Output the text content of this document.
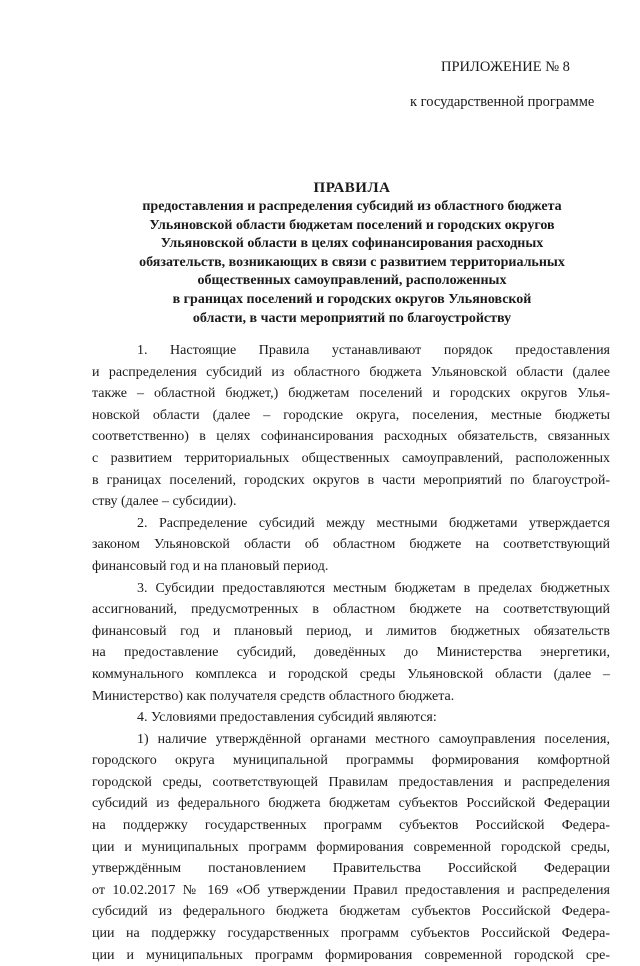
ПРИЛОЖЕНИЕ № 8
к государственной программе
ПРАВИЛА
предоставления и распределения субсидий из областного бюджета
Ульяновской области бюджетам поселений и городских округов
Ульяновской области в целях софинансирования расходных
обязательств, возникающих в связи с развитием территориальных
общественных самоуправлений, расположенных
в границах поселений и городских округов Ульяновской
области, в части мероприятий по благоустройству

1. Настоящие Правила устанавливают порядок предоставления

и распределения субсидий из областного бюджета Ульяновской области (далее

также – областной бюджет,) бюджетам поселений и городских округов Улья-

новской области (далее – городские округа, поселения, местные бюджеты

соответственно) в целях софинансирования расходных обязательств, связанных

с развитием территориальных общественных самоуправлений, расположенных

в границах поселений, городских округов в части мероприятий по благоустрой-

ству (далее – субсидии).

2. Распределение субсидий между местными бюджетами утверждается

законом Ульяновской области об областном бюджете на соответствующий

финансовый год и на плановый период.

3. Субсидии предоставляются местным бюджетам в пределах бюджетных

ассигнований, предусмотренных в областном бюджете на соответствующий

финансовый год и плановый период, и лимитов бюджетных обязательств

на предоставление субсидий, доведённых до Министерства энергетики,

коммунального комплекса и городской среды Ульяновской области (далее –

Министерство) как получателя средств областного бюджета.

4. Условиями предоставления субсидий являются:

1) наличие утверждённой органами местного самоуправления поселения,

городского округа муниципальной программы формирования комфортной

городской среды, соответствующей Правилам предоставления и распределения

субсидий из федерального бюджета бюджетам субъектов Российской Федерации

на поддержку государственных программ субъектов Российской Федера-

ции и муниципальных программ формирования современной городской среды,

утверждённым постановлением Правительства Российской Федерации

от 10.02.2017 № 169 «Об утверждении Правил предоставления и распределения

субсидий из федерального бюджета бюджетам субъектов Российской Федера-

ции на поддержку государственных программ субъектов Российской Федера-

ции и муниципальных программ формирования современной городской сре-
